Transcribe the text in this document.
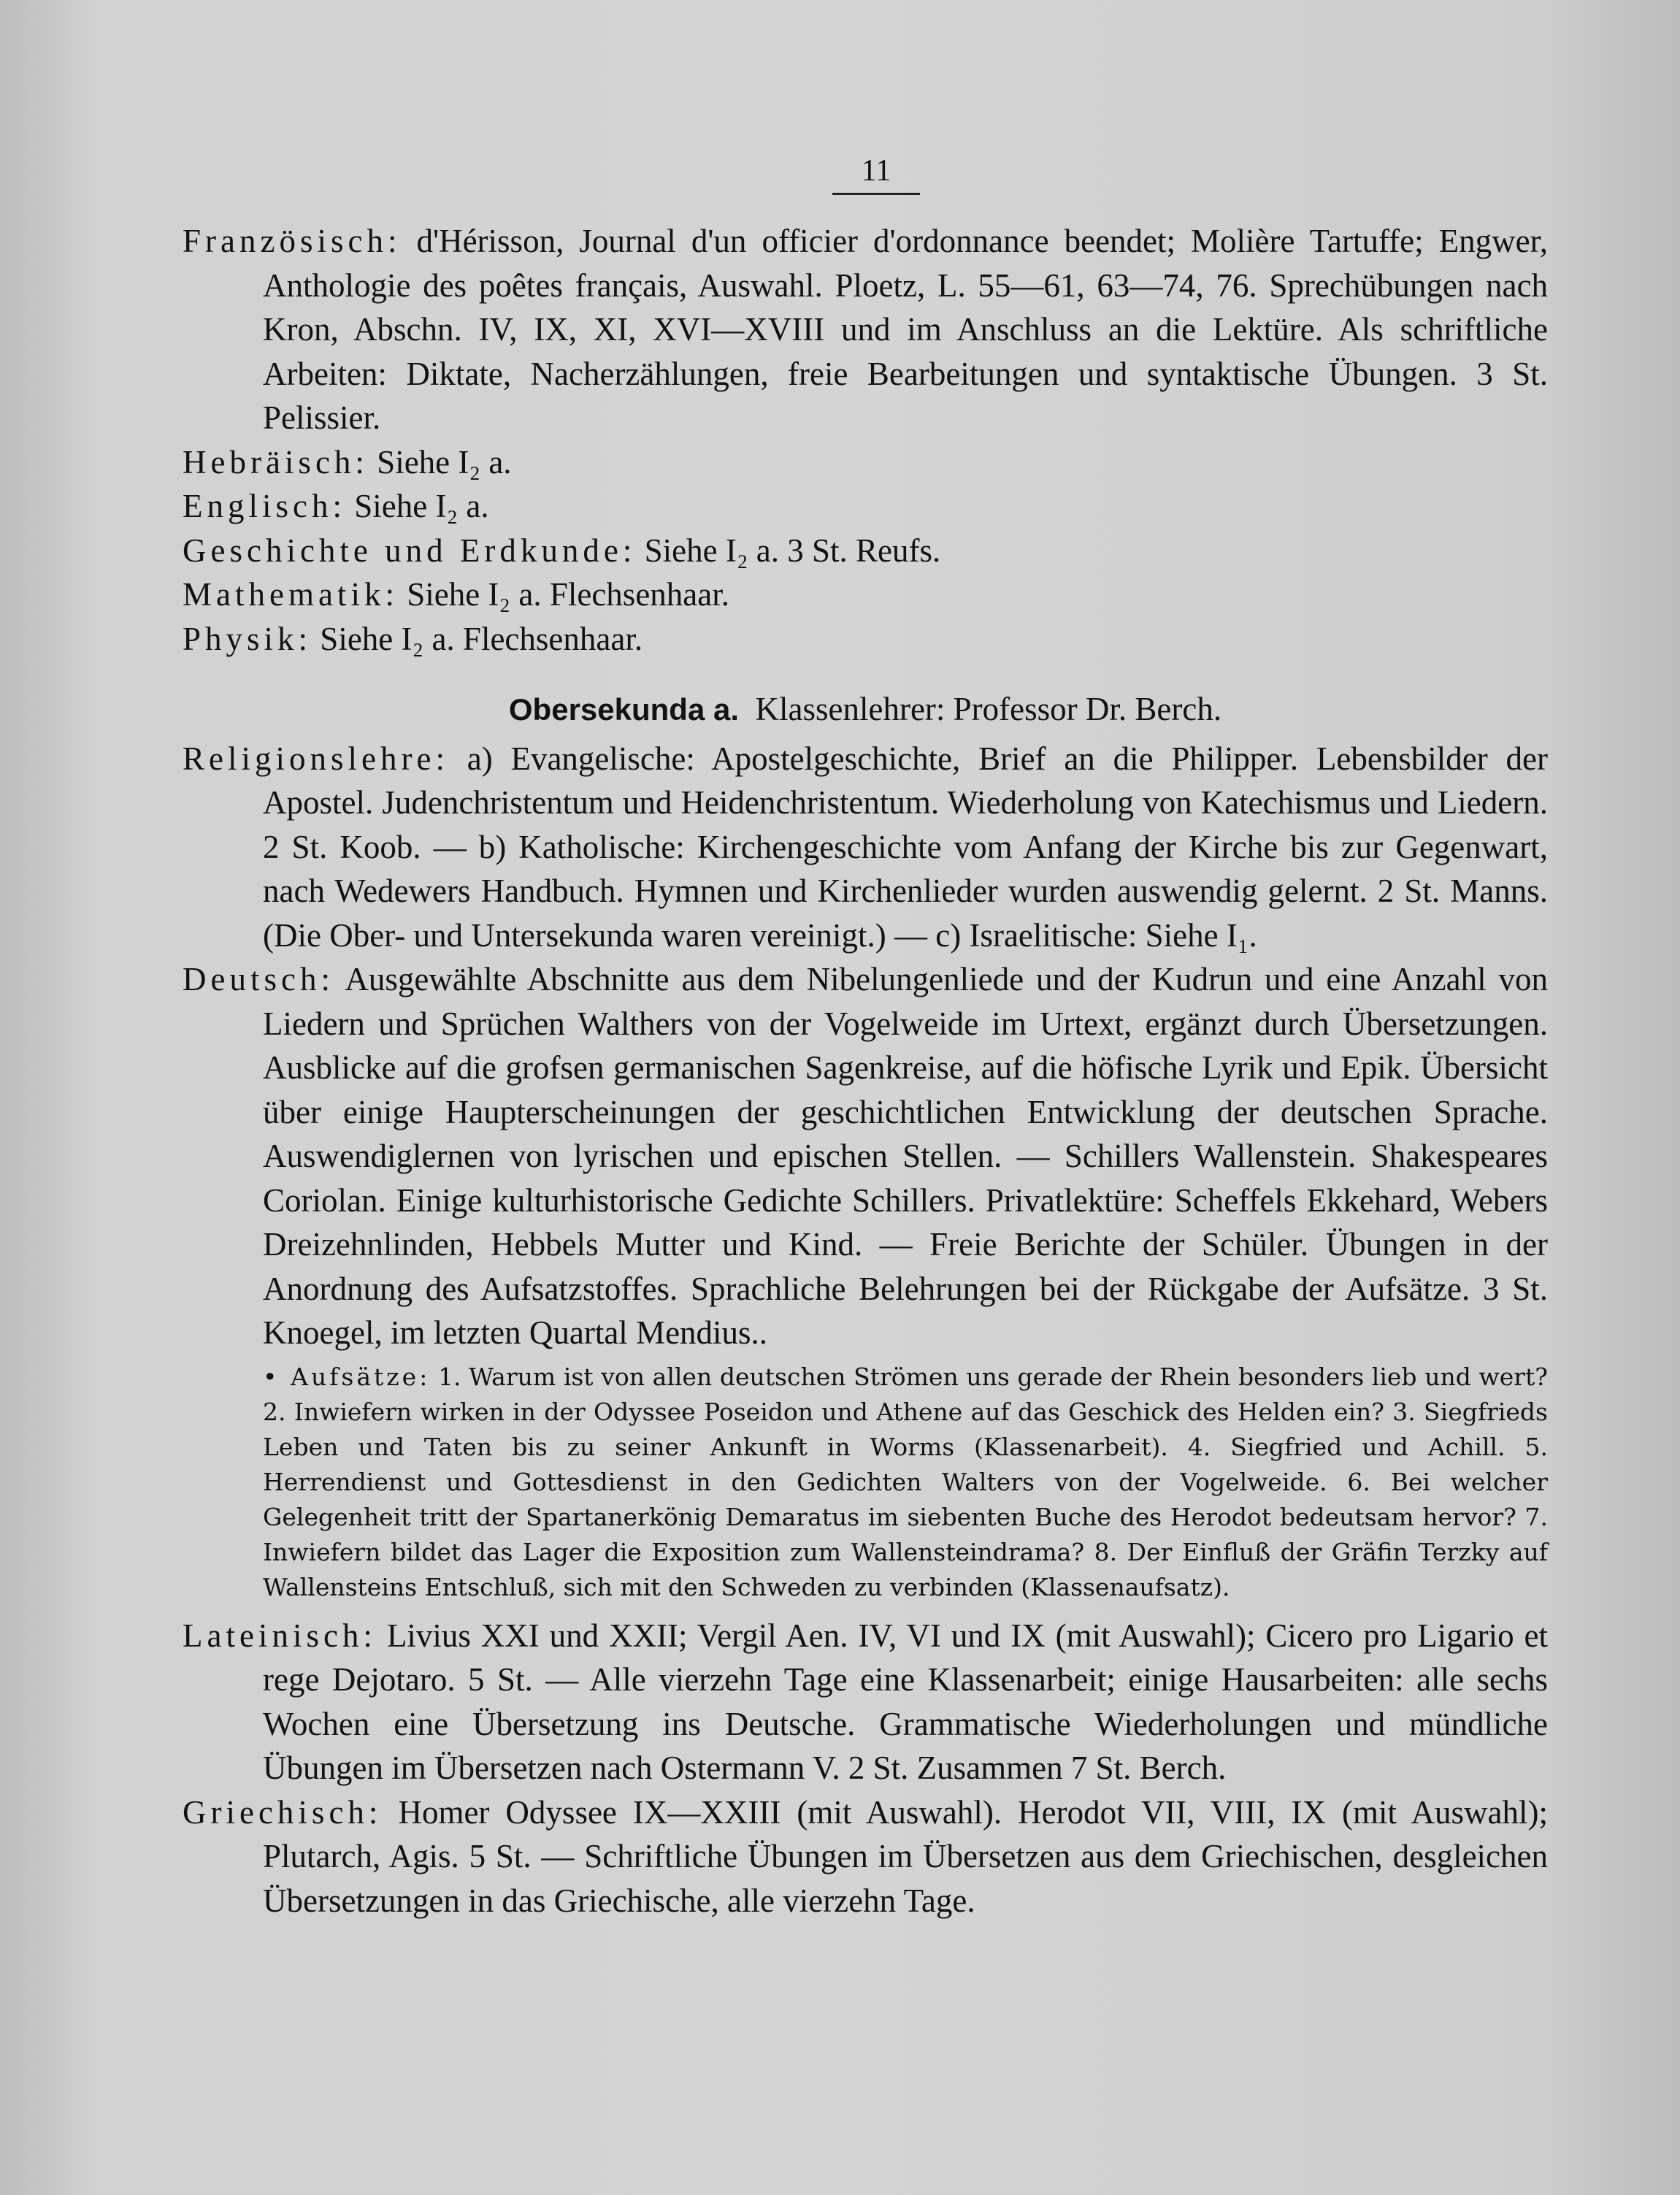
11

Französisch: d'Hérisson, Journal d'un officier d'ordonnance beendet; Molière Tartuffe; Engwer, Anthologie des poêtes français, Auswahl. Ploetz, L. 55—61, 63—74, 76. Sprechübungen nach Kron, Abschn. IV, IX, XI, XVI—XVIII und im Anschluss an die Lektüre. Als schriftliche Arbeiten: Diktate, Nacherzählungen, freie Bearbeitungen und syntaktische Übungen. 3 St. Pelissier.

Hebräisch: Siehe I₂ a.

Englisch: Siehe I₂ a.

Geschichte und Erdkunde: Siehe I₂ a. 3 St. Reufs.

Mathematik: Siehe I₂ a. Flechsenhaar.

Physik: Siehe I₂ a. Flechsenhaar.

Obersekunda a. Klassenlehrer: Professor Dr. Berch.

Religionslehre: a) Evangelische: Apostelgeschichte, Brief an die Philipper. Lebensbilder der Apostel. Judenchristentum und Heidenchristentum. Wiederholung von Katechismus und Liedern. 2 St. Koob. — b) Katholische: Kirchengeschichte vom Anfang der Kirche bis zur Gegenwart, nach Wedewers Handbuch. Hymnen und Kirchenlieder wurden auswendig gelernt. 2 St. Manns. (Die Ober- und Untersekunda waren vereinigt.) — c) Israelitische: Siehe I₁.

Deutsch: Ausgewählte Abschnitte aus dem Nibelungenliede und der Kudrun und eine Anzahl von Liedern und Sprüchen Walthers von der Vogelweide im Urtext, ergänzt durch Übersetzungen. Ausblicke auf die grofsen germanischen Sagenkreise, auf die höfische Lyrik und Epik. Übersicht über einige Haupterscheinungen der geschichtlichen Entwicklung der deutschen Sprache. Auswendiglernen von lyrischen und epischen Stellen. — Schillers Wallenstein. Shakespeares Coriolan. Einige kulturhistorische Gedichte Schillers. Privatlektüre: Scheffels Ekkehard, Webers Dreizehnlinden, Hebbels Mutter und Kind. — Freie Berichte der Schüler. Übungen in der Anordnung des Aufsatzstoffes. Sprachliche Belehrungen bei der Rückgabe der Aufsätze. 3 St. Knoegel, im letzten Quartal Mendius..

• Aufsätze: 1. Warum ist von allen deutschen Strömen uns gerade der Rhein besonders lieb und wert? 2. Inwiefern wirken in der Odyssee Poseidon und Athene auf das Geschick des Helden ein? 3. Siegfrieds Leben und Taten bis zu seiner Ankunft in Worms (Klassenarbeit). 4. Siegfried und Achill. 5. Herrendienst und Gottesdienst in den Gedichten Walters von der Vogelweide. 6. Bei welcher Gelegenheit tritt der Spartanerkönig Demaratus im siebenten Buche des Herodot bedeutsam hervor? 7. Inwiefern bildet das Lager die Exposition zum Wallensteindrama? 8. Der Einfluß der Gräfin Terzky auf Wallensteins Entschluß, sich mit den Schweden zu verbinden (Klassenaufsatz).

Lateinisch: Livius XXI und XXII; Vergil Aen. IV, VI und IX (mit Auswahl); Cicero pro Ligario et rege Dejotaro. 5 St. — Alle vierzehn Tage eine Klassenarbeit; einige Hausarbeiten: alle sechs Wochen eine Übersetzung ins Deutsche. Grammatische Wiederholungen und mündliche Übungen im Übersetzen nach Ostermann V. 2 St. Zusammen 7 St. Berch.

Griechisch: Homer Odyssee IX—XXIII (mit Auswahl). Herodot VII, VIII, IX (mit Auswahl); Plutarch, Agis. 5 St. — Schriftliche Übungen im Übersetzen aus dem Griechischen, desgleichen Übersetzungen in das Griechische, alle vierzehn Tage.
